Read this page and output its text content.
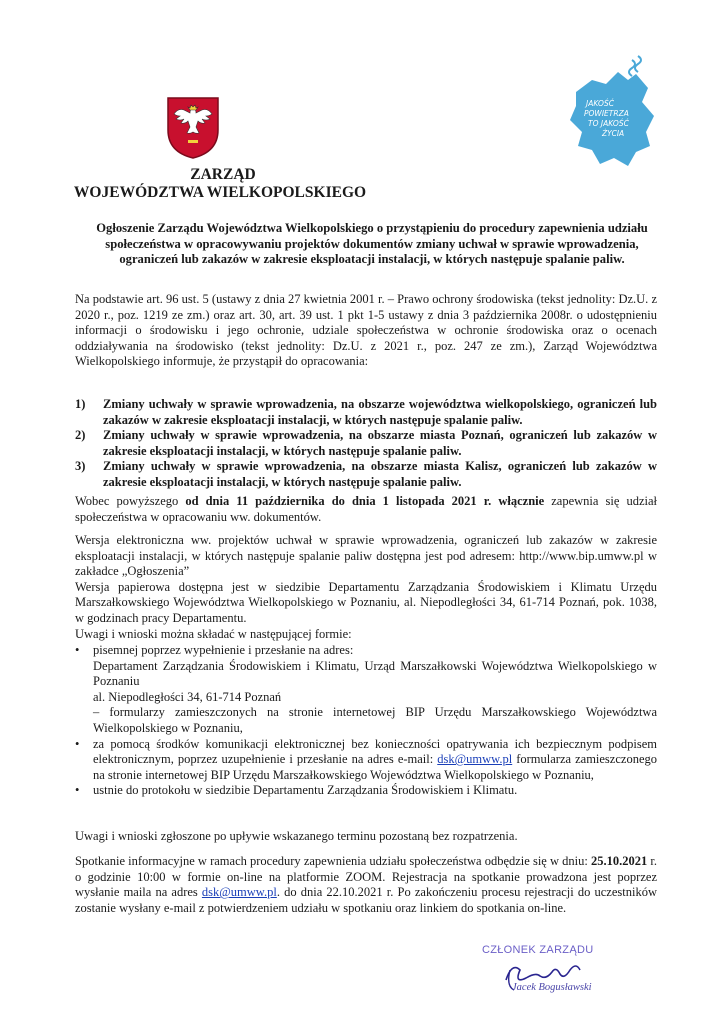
JAKOŚĆ
POWIETRZA
TO JAKOŚĆ
ŻYCIA
ZARZĄD
WOJEWÓDZTWA WIELKOPOLSKIEGO
Ogłoszenie Zarządu Województwa Wielkopolskiego o przystąpieniu do procedury zapewnienia udziału społeczeństwa w opracowywaniu projektów dokumentów zmiany uchwał w sprawie wprowadzenia, ograniczeń lub zakazów w zakresie eksploatacji instalacji, w których następuje spalanie paliw.
Na podstawie art. 96 ust. 5 (ustawy z dnia 27 kwietnia 2001 r. – Prawo ochrony środowiska (tekst jednolity: Dz.U. z 2020 r., poz. 1219 ze zm.) oraz art. 30, art. 39 ust. 1 pkt 1-5 ustawy z dnia 3 października 2008r. o udostępnieniu informacji o środowisku i jego ochronie, udziale społeczeństwa w ochronie środowiska oraz o ocenach oddziaływania na środowisko (tekst jednolity: Dz.U. z 2021 r., poz. 247 ze zm.), Zarząd Województwa Wielkopolskiego informuje, że przystąpił do opracowania:
1) Zmiany uchwały w sprawie wprowadzenia, na obszarze województwa wielkopolskiego, ograniczeń lub zakazów w zakresie eksploatacji instalacji, w których następuje spalanie paliw.
2) Zmiany uchwały w sprawie wprowadzenia, na obszarze miasta Poznań, ograniczeń lub zakazów w zakresie eksploatacji instalacji, w których następuje spalanie paliw.
3) Zmiany uchwały w sprawie wprowadzenia, na obszarze miasta Kalisz, ograniczeń lub zakazów w zakresie eksploatacji instalacji, w których następuje spalanie paliw.
Wobec powyższego od dnia 11 października do dnia 1 listopada 2021 r. włącznie zapewnia się udział społeczeństwa w opracowaniu ww. dokumentów.
Wersja elektroniczna ww. projektów uchwał w sprawie wprowadzenia, ograniczeń lub zakazów w zakresie eksploatacji instalacji, w których następuje spalanie paliw dostępna jest pod adresem: http://www.bip.umww.pl w zakładce „Ogłoszenia”
Wersja papierowa dostępna jest w siedzibie Departamentu Zarządzania Środowiskiem i Klimatu Urzędu Marszałkowskiego Województwa Wielkopolskiego w Poznaniu, al. Niepodległości 34, 61-714 Poznań, pok. 1038, w godzinach pracy Departamentu.
Uwagi i wnioski można składać w następującej formie:
• pisemnej poprzez wypełnienie i przesłanie na adres:
Departament Zarządzania Środowiskiem i Klimatu, Urząd Marszałkowski Województwa Wielkopolskiego w Poznaniu
al. Niepodległości 34, 61-714 Poznań
– formularzy zamieszczonych na stronie internetowej BIP Urzędu Marszałkowskiego Województwa Wielkopolskiego w Poznaniu,
• za pomocą środków komunikacji elektronicznej bez konieczności opatrywania ich bezpiecznym podpisem elektronicznym, poprzez uzupełnienie i przesłanie na adres e-mail: dsk@umww.pl formularza zamieszczonego na stronie internetowej BIP Urzędu Marszałkowskiego Województwa Wielkopolskiego w Poznaniu,
• ustnie do protokołu w siedzibie Departamentu Zarządzania Środowiskiem i Klimatu.
Uwagi i wnioski zgłoszone po upływie wskazanego terminu pozostaną bez rozpatrzenia.
Spotkanie informacyjne w ramach procedury zapewnienia udziału społeczeństwa odbędzie się w dniu: 25.10.2021 r. o godzinie 10:00 w formie on-line na platformie ZOOM. Rejestracja na spotkanie prowadzona jest poprzez wysłanie maila na adres dsk@umww.pl. do dnia 22.10.2021 r. Po zakończeniu procesu rejestracji do uczestników zostanie wysłany e-mail z potwierdzeniem udziału w spotkaniu oraz linkiem do spotkania on-line.
CZŁONEK ZARZĄDU
Jacek Bogusławski
